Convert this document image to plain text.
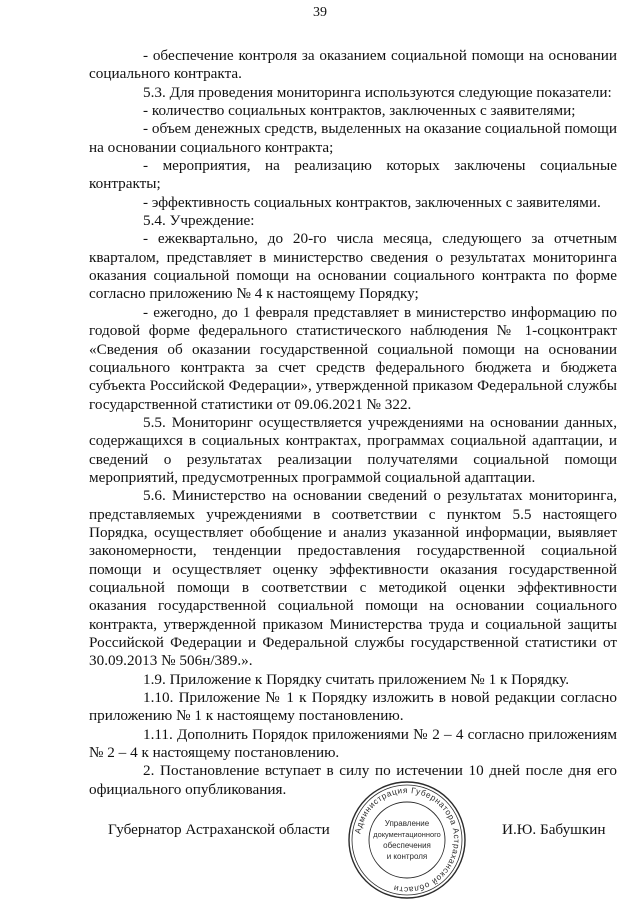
39

- обеспечение контроля за оказанием социальной помощи на основании социального контракта.

5.3. Для проведения мониторинга используются следующие показатели:

- количество социальных контрактов, заключенных с заявителями;

- объем денежных средств, выделенных на оказание социальной помощи на основании социального контракта;

- мероприятия, на реализацию которых заключены социальные контракты;

- эффективность социальных контрактов, заключенных с заявителями.

5.4. Учреждение:

- ежеквартально, до 20-го числа месяца, следующего за отчетным кварталом, представляет в министерство сведения о результатах мониторинга оказания социальной помощи на основании социального контракта по форме согласно приложению № 4 к настоящему Порядку;

- ежегодно, до 1 февраля представляет в министерство информацию по годовой форме федерального статистического наблюдения № 1-соцконтракт «Сведения об оказании государственной социальной помощи на основании социального контракта за счет средств федерального бюджета и бюджета субъекта Российской Федерации», утвержденной приказом Федеральной службы государственной статистики от 09.06.2021 № 322.

5.5. Мониторинг осуществляется учреждениями на основании данных, содержащихся в социальных контрактах, программах социальной адаптации, и сведений о результатах реализации получателями социальной помощи мероприятий, предусмотренных программой социальной адаптации.

5.6. Министерство на основании сведений о результатах мониторинга, представляемых учреждениями в соответствии с пунктом 5.5 настоящего Порядка, осуществляет обобщение и анализ указанной информации, выявляет закономерности, тенденции предоставления государственной социальной помощи и осуществляет оценку эффективности оказания государственной социальной помощи в соответствии с методикой оценки эффективности оказания государственной социальной помощи на основании социального контракта, утвержденной приказом Министерства труда и социальной защиты Российской Федерации и Федеральной службы государственной статистики от 30.09.2013 № 506н/389.».

1.9. Приложение к Порядку считать приложением № 1 к Порядку.

1.10. Приложение № 1 к Порядку изложить в новой редакции согласно приложению № 1 к настоящему постановлению.

1.11. Дополнить Порядок приложениями № 2 – 4 согласно приложениям № 2 – 4 к настоящему постановлению.

2. Постановление вступает в силу по истечении 10 дней после дня его официального опубликования.

Губернатор Астраханской области	Администрация Губернатора Астраханской области
Управление
документационного
обеспечения
и контроля
И.Ю. Бабушкин
